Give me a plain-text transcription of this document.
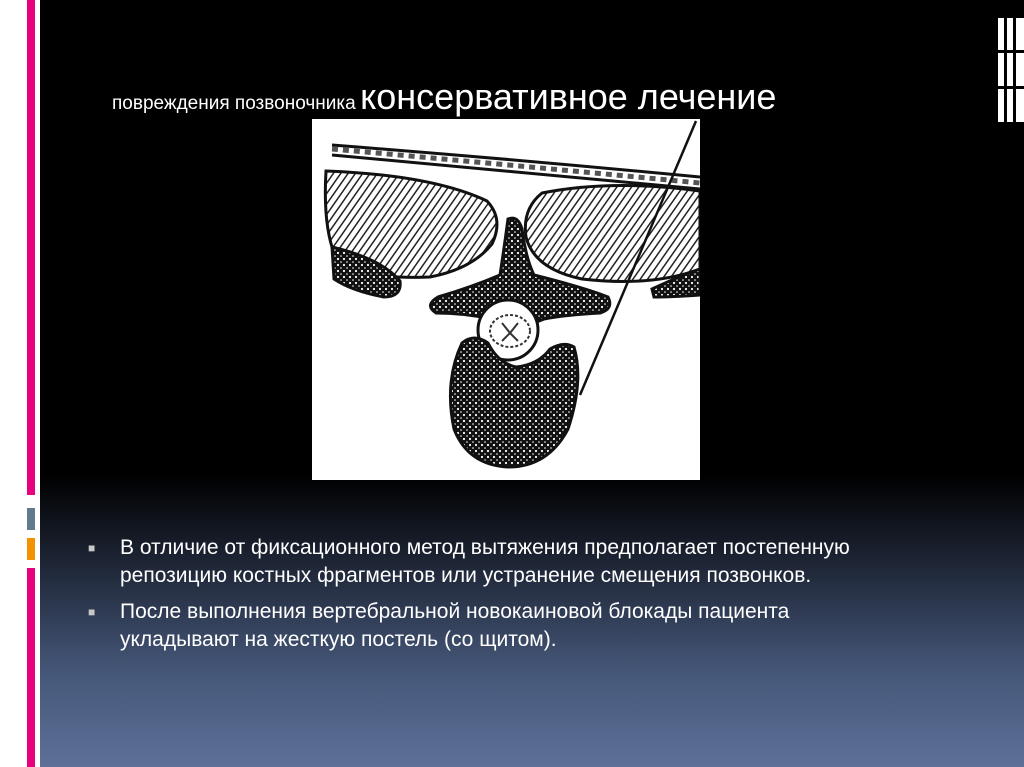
повреждения позвоночника консервативное лечение
■ В отличие от фиксационного метод вытяжения предполагает постепенную репозицию костных фрагментов или устранение смещения позвонков.
■ После выполнения вертебральной новокаиновой блокады пациента укладывают на жесткую постель (со щитом).
